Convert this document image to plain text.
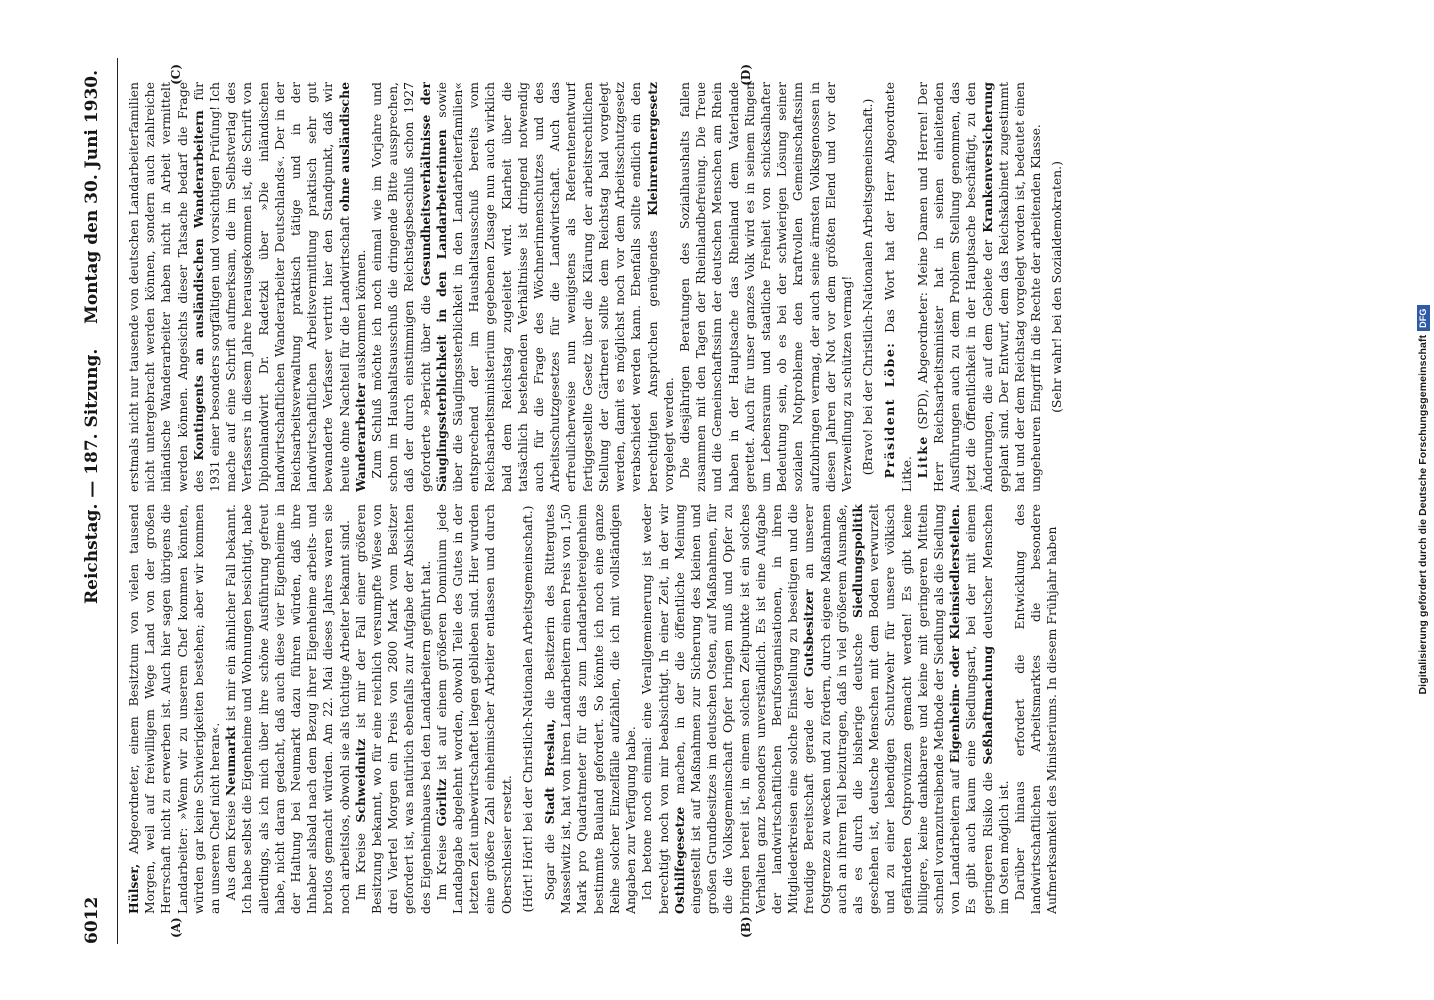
Digitalisierung gefördert durch die Deutsche Forschungsgemeinschaft
DFG
6012
Reichstag. — 187. Sitzung.
Montag den 30. Juni 1930.
(A)	(B)
(C)	(D)

Hülser, Abgeordneter, einem Besitztum von vielen tausend Morgen, weil auf freiwilligem Wege Land von der großen Herrschaft nicht zu erwerben ist. Auch hier sagen übrigens die Landarbeiter: »Wenn wir zu unserem Chef kommen könnten, würden gar keine Schwierigkeiten bestehen; aber wir kommen an unseren Chef nicht heran«. Aus dem Kreise Neumarkt ist mir ein ähnlicher Fall bekannt. Ich habe selbst die Eigenheime und Wohnungen besichtigt, habe allerdings, als ich mich über ihre schöne Ausführung gefreut habe, nicht daran gedacht, daß auch diese vier Eigenheime in der Haltung bei Neumarkt dazu führen würden, daß ihre Inhaber alsbald nach dem Bezug ihrer Eigenheime arbeits- und brotlos gemacht würden. Am 22. Mai dieses Jahres waren sie noch arbeitslos, obwohl sie als tüchtige Arbeiter bekannt sind. Im Kreise Schweidnitz ist mir der Fall einer größeren Besitzung bekannt, wo für eine reichlich versumpfte Wiese von drei Viertel Morgen ein Preis von 2800 Mark vom Besitzer gefordert ist, was natürlich ebenfalls zur Aufgabe der Absichten des Eigenheimbaues bei den Landarbeitern geführt hat. Im Kreise Görlitz ist auf einem größeren Dominium jede Landabgabe abgelehnt worden, obwohl Teile des Gutes in der letzten Zeit unbewirtschaftet liegen geblieben sind. Hier wurden eine größere Zahl einheimischer Arbeiter entlassen und durch Oberschlesier ersetzt. (Hört! Hört! bei der Christlich-Nationalen Arbeitsgemeinschaft.) Sogar die Stadt Breslau, die Besitzerin des Rittergutes Masselwitz ist, hat von ihren Landarbeitern einen Preis von 1,50 Mark pro Quadratmeter für das zum Landarbeitereigenheim bestimmte Bauland gefordert. So könnte ich noch eine ganze Reihe solcher Einzelfälle aufzählen, die ich mit vollständigen Angaben zur Verfügung habe. Ich betone noch einmal: eine Verallgemeinerung ist weder berechtigt noch von mir beabsichtigt. In einer Zeit, in der wir Osthilfegesetze machen, in der die öffentliche Meinung eingestellt ist auf Maßnahmen zur Sicherung des kleinen und großen Grundbesitzes im deutschen Osten, auf Maßnahmen, für die die Volksgemeinschaft Opfer bringen muß und Opfer zu bringen bereit ist, in einem solchen Zeitpunkte ist ein solches Verhalten ganz besonders unverständlich. Es ist eine Aufgabe der landwirtschaftlichen Berufsorganisationen, in ihren Mitgliederkreisen eine solche Einstellung zu beseitigen und die freudige Bereitschaft gerade der Gutsbesitzer an unserer Ostgrenze zu wecken und zu fördern, durch eigene Maßnahmen auch an ihrem Teil beizutragen, daß in viel größerem Ausmaße, als es durch die bisherige deutsche Siedlungspolitik geschehen ist, deutsche Menschen mit dem Boden verwurzelt und zu einer lebendigen Schutzwehr für unsere völkisch gefährdeten Ostprovinzen gemacht werden! Es gibt keine billigere, keine dankbarere und keine mit geringeren Mitteln schnell voranzutreibende Methode der Siedlung als die Siedlung von Landarbeitern auf Eigenheim- oder Kleinsiedlerstellen. Es gibt auch kaum eine Siedlungsart, bei der mit einem geringeren Risiko die Seßhaftmachung deutscher Menschen im Osten möglich ist. Darüber hinaus erfordert die Entwicklung des landwirtschaftlichen Arbeitsmarktes die besondere Aufmerksamkeit des Ministeriums. In diesem Frühjahr haben

erstmals nicht nur tausende von deutschen Landarbeiterfamilien nicht untergebracht werden können, sondern auch zahlreiche inländische Wanderarbeiter haben nicht in Arbeit vermittelt werden können. Angesichts dieser Tatsache bedarf die Frage des Kontingents an ausländischen Wanderarbeitern für 1931 einer besonders sorgfältigen und vorsichtigen Prüfung! Ich mache auf eine Schrift aufmerksam, die im Selbstverlag des Verfassers in diesem Jahre herausgekommen ist, die Schrift von Diplomlandwirt Dr. Radetzki über »Die inländischen landwirtschaftlichen Wanderarbeiter Deutschlands«. Der in der Reichsarbeitsverwaltung praktisch tätige und in der landwirtschaftlichen Arbeitsvermittlung praktisch sehr gut bewanderte Verfasser vertritt hier den Standpunkt, daß wir heute ohne Nachteil für die Landwirtschaft ohne ausländische Wanderarbeiter auskommen können. Zum Schluß möchte ich noch einmal wie im Vorjahre und schon im Haushaltsausschuß die dringende Bitte aussprechen, daß der durch einstimmigen Reichstagsbeschluß schon 1927 geforderte »Bericht über die Gesundheitsverhältnisse der Säuglingssterblichkeit in den Landarbeiterinnen sowie über die Säuglingssterblichkeit in den Landarbeiterfamilien« entsprechend der im Haushaltsausschuß bereits vom Reichsarbeitsministerium gegebenen Zusage nun auch wirklich bald dem Reichstag zugeleitet wird. Klarheit über die tatsächlich bestehenden Verhältnisse ist dringend notwendig auch für die Frage des Wöchnerinnenschutzes und des Arbeitsschutzgesetzes für die Landwirtschaft. Auch das erfreulicherweise nun wenigstens als Referentenentwurf fertiggestellte Gesetz über die Klärung der arbeitsrechtlichen Stellung der Gärtnerei sollte dem Reichstag bald vorgelegt werden, damit es möglichst noch vor dem Arbeitsschutzgesetz verabschiedet werden kann. Ebenfalls sollte endlich ein den berechtigten Ansprüchen genügendes Kleinrentnergesetz vorgelegt werden. Die diesjährigen Beratungen des Sozialhaushalts fallen zusammen mit den Tagen der Rheinlandbefreiung. Die Treue und die Gemeinschaftssinn der deutschen Menschen am Rhein haben in der Hauptsache das Rheinland dem Vaterlande gerettet. Auch für unser ganzes Volk wird es in seinem Ringen um Lebensraum und staatliche Freiheit von schicksalhafter Bedeutung sein, ob es bei der schwierigen Lösung seiner sozialen Notprobleme den kraftvollen Gemeinschaftssinn aufzubringen vermag, der auch seine ärmsten Volksgenossen in diesen Jahren der Not vor dem größten Elend und vor der Verzweiflung zu schützen vermag! (Bravo! bei der Christlich-Nationalen Arbeitsgemeinschaft.) Präsident Löbe: Das Wort hat der Herr Abgeordnete Litke. Litke (SPD), Abgeordneter: Meine Damen und Herren! Der Herr Reichsarbeitsminister hat in seinen einleitenden Ausführungen auch zu dem Problem Stellung genommen, das jetzt die Öffentlichkeit in der Hauptsache beschäftigt, zu den Änderungen, die auf dem Gebiete der Krankenversicherung geplant sind. Der Entwurf, dem das Reichskabinett zugestimmt hat und der dem Reichstag vorgelegt worden ist, bedeutet einen ungeheuren Eingriff in die Rechte der arbeitenden Klasse. (Sehr wahr! bei den Sozialdemokraten.)
